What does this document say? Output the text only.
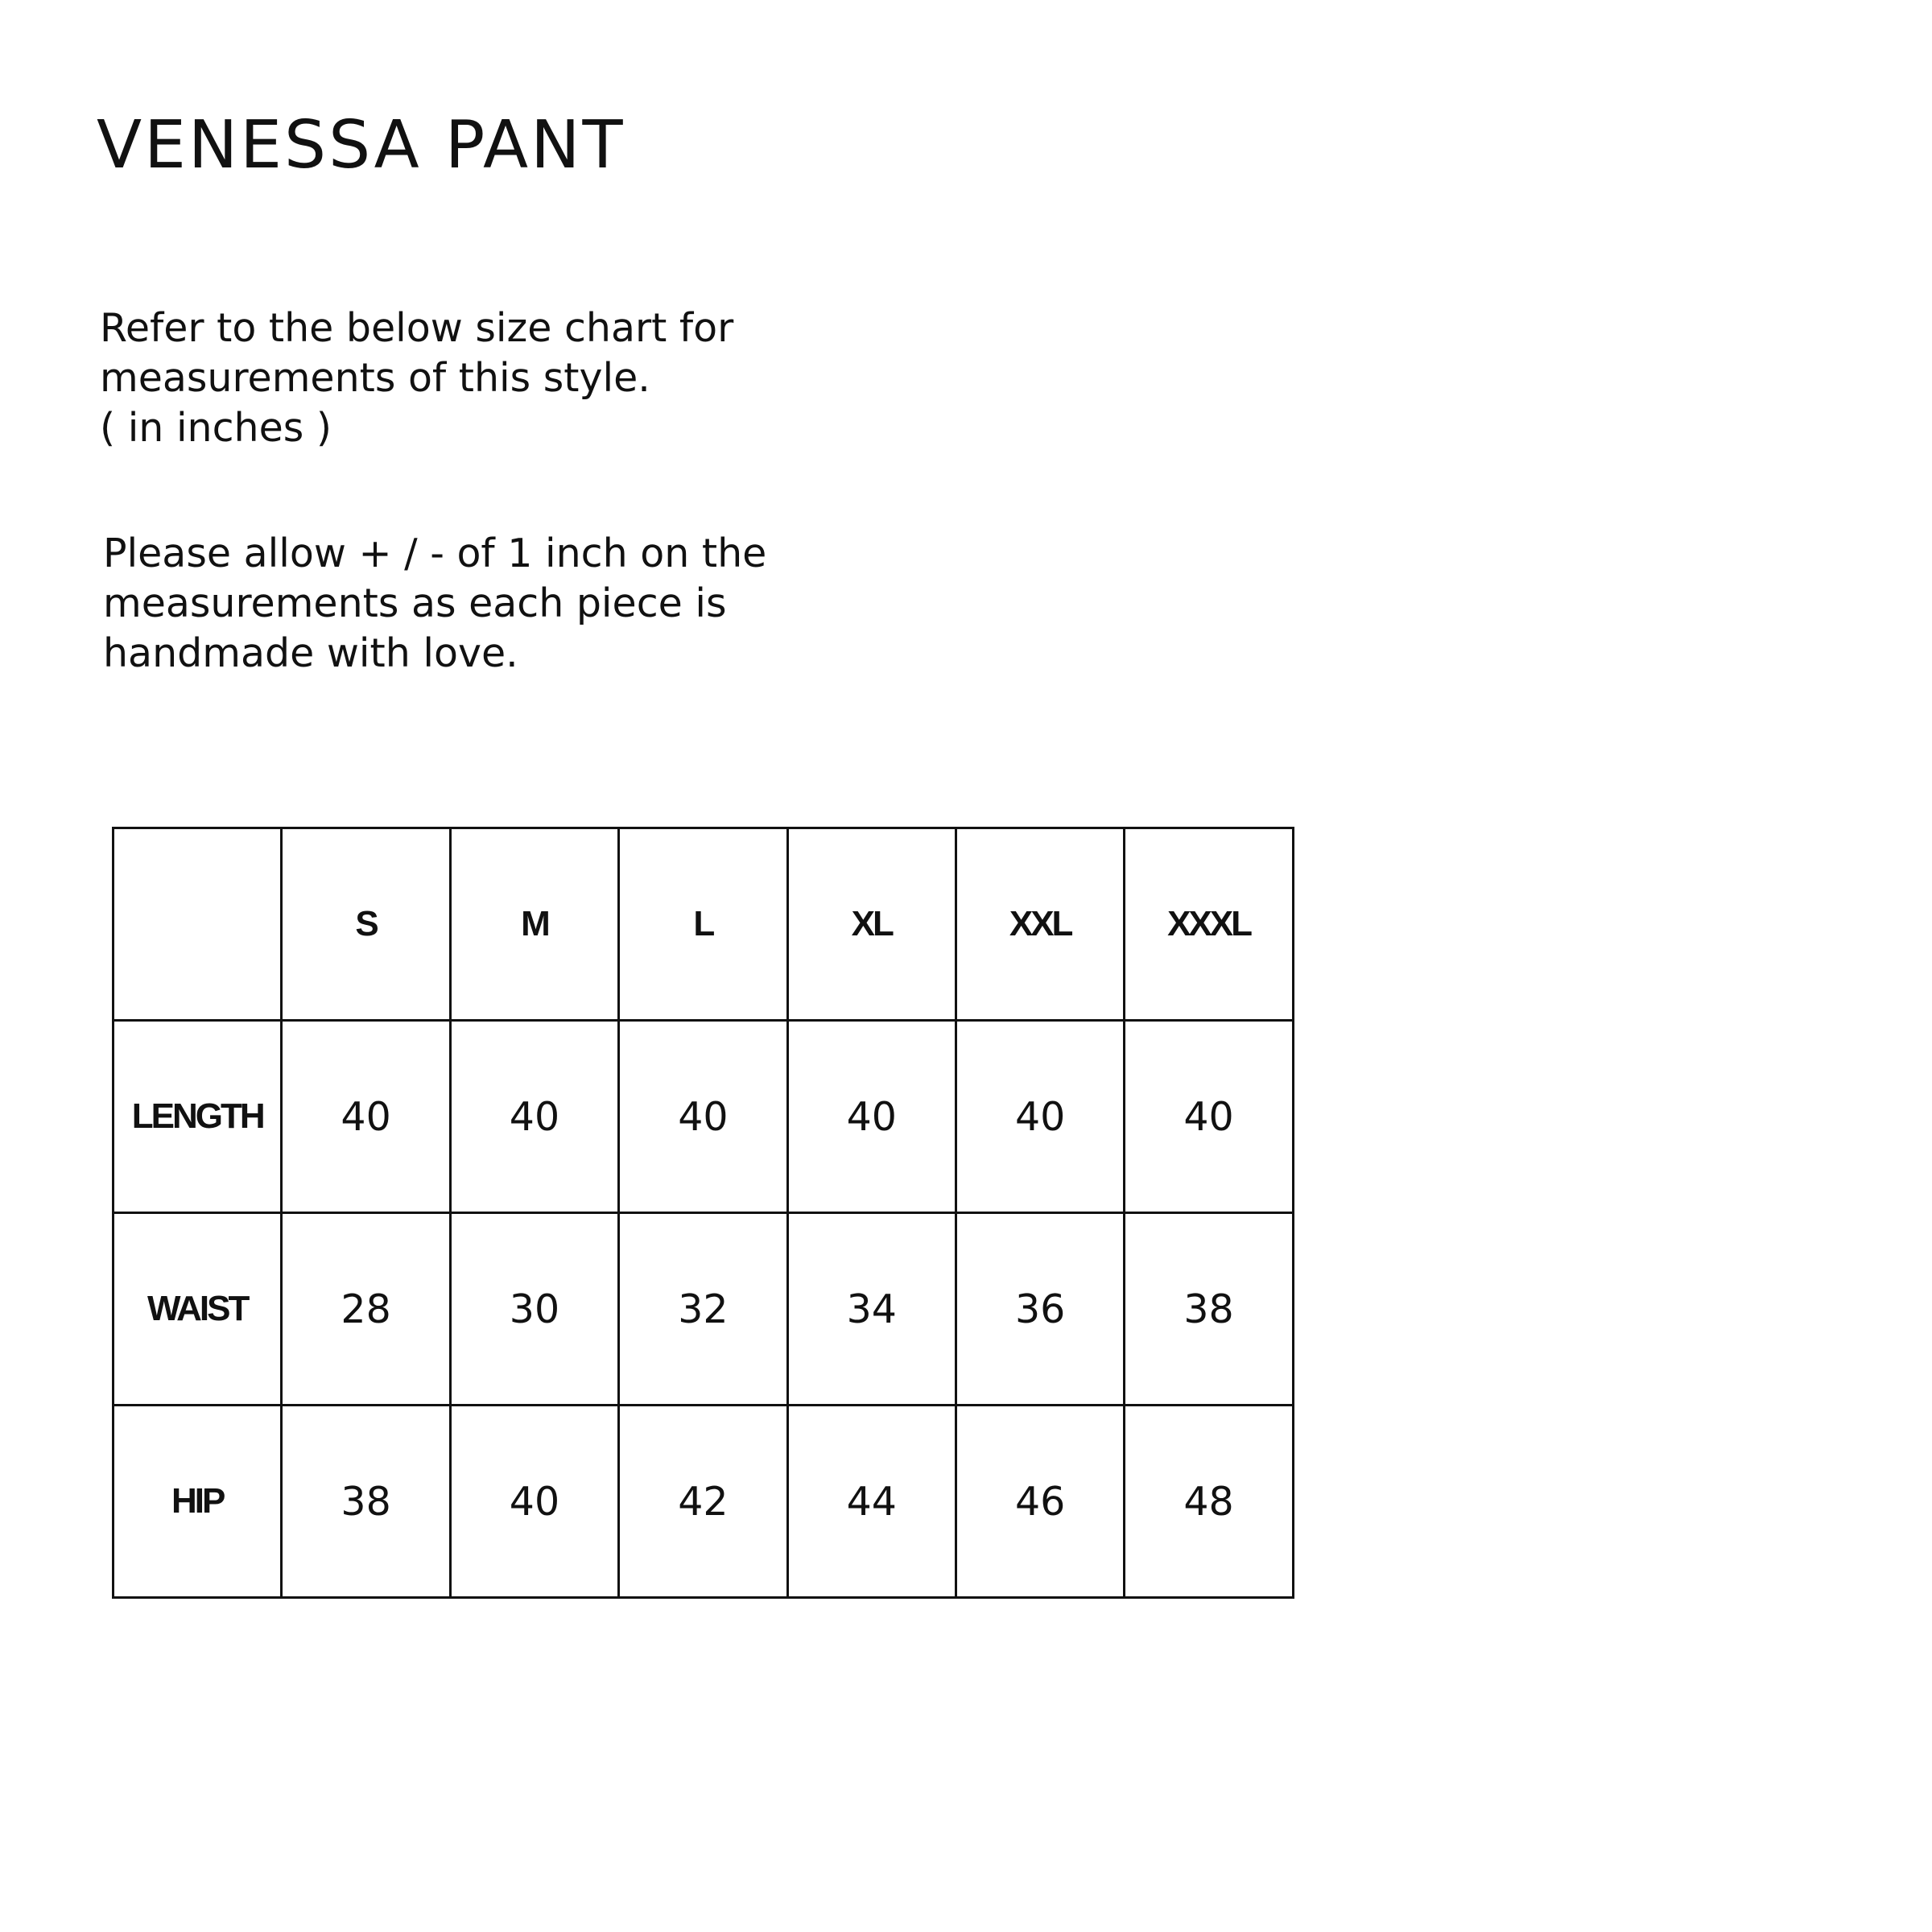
VENESSA PANT

Refer to the below size chart for
measurements of this style.
( in inches )

Please allow + / - of 1 inch on the
measurements as each piece is
handmade with love.

	S	M	L	XL	XXL	XXXL
LENGTH	40	40	40	40	40	40
WAIST	28	30	32	34	36	38
HIP	38	40	42	44	46	48
